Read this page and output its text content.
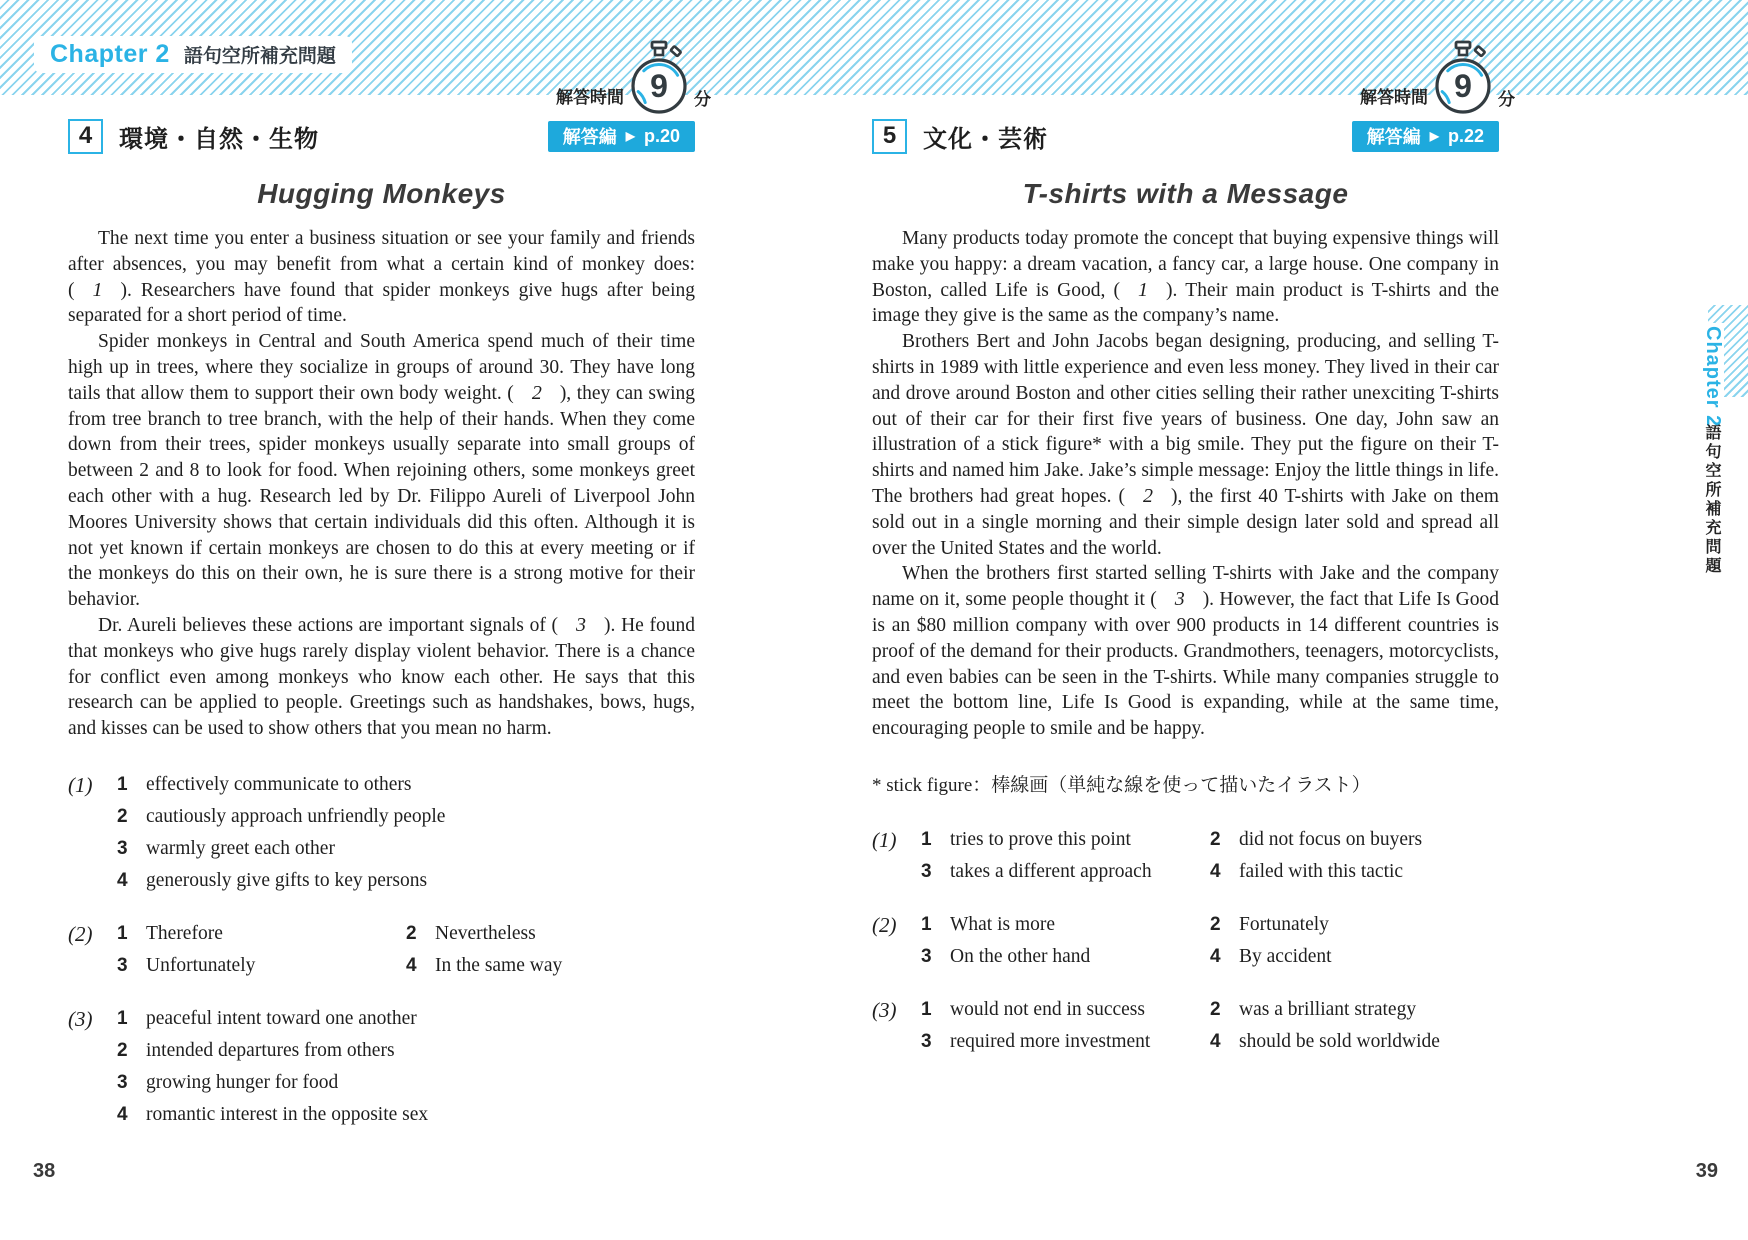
Chapter 2 語句空所補充問題
解答時間 9 分	解答時間 9 分
4	環境・自然・生物	解答編 ▶ p.20
Hugging Monkeys

The next time you enter a business situation or see your family and friends after absences, you may benefit from what a certain kind of monkey does: ( 1 ). Researchers have found that spider monkeys give hugs after being separated for a short period of time.

Spider monkeys in Central and South America spend much of their time high up in trees, where they socialize in groups of around 30. They have long tails that allow them to support their own body weight. ( 2 ), they can swing from tree branch to tree branch, with the help of their hands. When they come down from their trees, spider monkeys usually separate into small groups of between 2 and 8 to look for food. When rejoining others, some monkeys greet each other with a hug. Research led by Dr. Filippo Aureli of Liverpool John Moores University shows that certain individuals did this often. Although it is not yet known if certain monkeys are chosen to do this at every meeting or if the monkeys do this on their own, he is sure there is a strong motive for their behavior.

Dr. Aureli believes these actions are important signals of ( 3 ). He found that monkeys who give hugs rarely display violent behavior. There is a chance for conflict even among monkeys who know each other. He says that this research can be applied to people. Greetings such as handshakes, bows, hugs, and kisses can be used to show others that you mean no harm.

(1)	1 effectively communicate to others
2 cautiously approach unfriendly people
3 warmly greet each other
4 generously give gifts to key persons
(2)	1 Therefore	2 Nevertheless
3 Unfortunately	4 In the same way
(3)	1 peaceful intent toward one another
2 intended departures from others
3 growing hunger for food
4 romantic interest in the opposite sex
5	文化・芸術	解答編 ▶ p.22
T-shirts with a Message

Many products today promote the concept that buying expensive things will make you happy: a dream vacation, a fancy car, a large house. One company in Boston, called Life is Good, ( 1 ). Their main product is T-shirts and the image they give is the same as the company’s name.

Brothers Bert and John Jacobs began designing, producing, and selling T-shirts in 1989 with little experience and even less money. They lived in their car and drove around Boston and other cities selling their rather unexciting T-shirts out of their car for their first five years of business. One day, John saw an illustration of a stick figure* with a big smile. They put the figure on their T-shirts and named him Jake. Jake’s simple message: Enjoy the little things in life. The brothers had great hopes. ( 2 ), the first 40 T-shirts with Jake on them sold out in a single morning and their simple design later sold and spread all over the United States and the world.

When the brothers first started selling T-shirts with Jake and the company name on it, some people thought it ( 3 ). However, the fact that Life Is Good is an $80 million company with over 900 products in 14 different countries is proof of the demand for their products. Grandmothers, teenagers, motorcyclists, and even babies can be seen in the T-shirts. While many companies struggle to meet the bottom line, Life Is Good is expanding, while at the same time, encouraging people to smile and be happy.

* stick figure：棒線画（単純な線を使って描いたイラスト）

(1)	1 tries to prove this point	2 did not focus on buyers
3 takes a different approach	4 failed with this tactic
(2)	1 What is more	2 Fortunately
3 On the other hand	4 By accident
(3)	1 would not end in success	2 was a brilliant strategy
3 required more investment	4 should be sold worldwide
Chapter 2
語句空所補充問題
38	39
